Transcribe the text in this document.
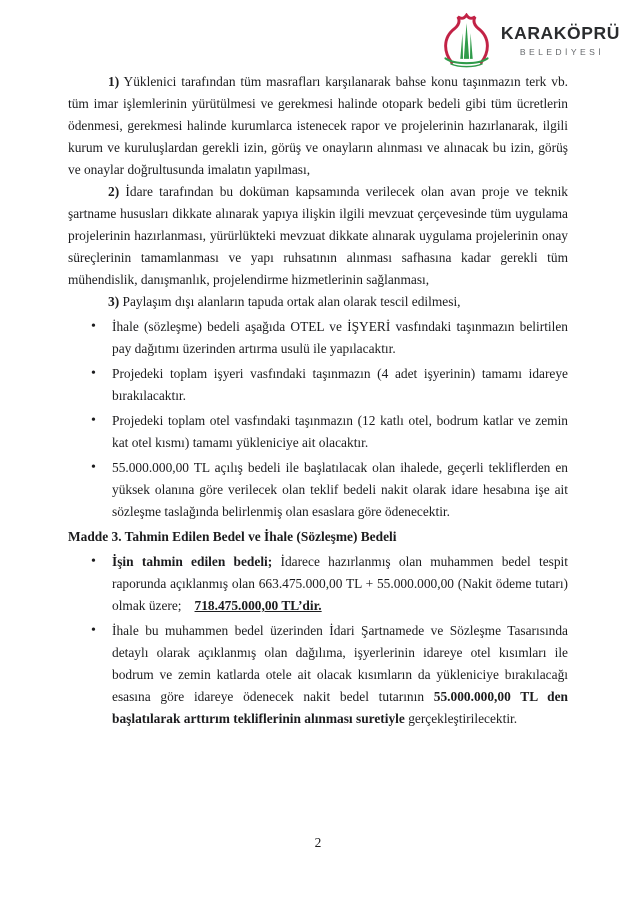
KARAKÖPRÜ
BELEDİYESİ

1) Yüklenici tarafından tüm masrafları karşılanarak bahse konu taşınmazın terk vb. tüm imar işlemlerinin yürütülmesi ve gerekmesi halinde otopark bedeli gibi tüm ücretlerin ödenmesi, gerekmesi halinde kurumlarca istenecek rapor ve projelerinin hazırlanarak, ilgili kurum ve kuruluşlardan gerekli izin, görüş ve onayların alınması ve alınacak bu izin, görüş ve onaylar doğrultusunda imalatın yapılması,

2) İdare tarafından bu doküman kapsamında verilecek olan avan proje ve teknik şartname hususları dikkate alınarak yapıya ilişkin ilgili mevzuat çerçevesinde tüm uygulama projelerinin hazırlanması, yürürlükteki mevzuat dikkate alınarak uygulama projelerinin onay süreçlerinin tamamlanması ve yapı ruhsatının alınması safhasına kadar gerekli tüm mühendislik, danışmanlık, projelendirme hizmetlerinin sağlanması,

3) Paylaşım dışı alanların tapuda ortak alan olarak tescil edilmesi,

• İhale (sözleşme) bedeli aşağıda OTEL ve İŞYERİ vasfındaki taşınmazın belirtilen pay dağıtımı üzerinden artırma usulü ile yapılacaktır.
• Projedeki toplam işyeri vasfındaki taşınmazın (4 adet işyerinin) tamamı idareye bırakılacaktır.
• Projedeki toplam otel vasfındaki taşınmazın (12 katlı otel, bodrum katlar ve zemin kat otel kısmı) tamamı yükleniciye ait olacaktır.
• 55.000.000,00 TL açılış bedeli ile başlatılacak olan ihalede, geçerli tekliflerden en yüksek olanına göre verilecek olan teklif bedeli nakit olarak idare hesabına işe ait sözleşme taslağında belirlenmiş olan esaslara göre ödenecektir.
Madde 3. Tahmin Edilen Bedel ve İhale (Sözleşme) Bedeli
• İşin tahmin edilen bedeli; İdarece hazırlanmış olan muhammen bedel tespit raporunda açıklanmış olan 663.475.000,00 TL + 55.000.000,00 (Nakit ödeme tutarı) olmak üzere; 718.475.000,00 TL’dir.
• İhale bu muhammen bedel üzerinden İdari Şartnamede ve Sözleşme Tasarısında detaylı olarak açıklanmış olan dağılıma, işyerlerinin idareye otel kısımları ile bodrum ve zemin katlarda otele ait olacak kısımların da yükleniciye bırakılacağı esasına göre idareye ödenecek nakit bedel tutarının 55.000.000,00 TL den başlatılarak arttırım tekliflerinin alınması suretiyle gerçekleştirilecektir.
2
